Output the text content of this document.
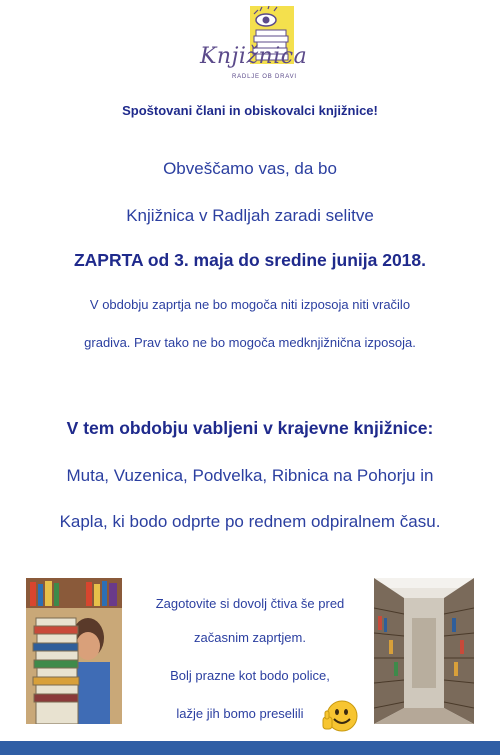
Knjižnica
RADLJE OB DRAVI
Spoštovani člani in obiskovalci knjižnice!
Obveščamo vas, da bo
Knjižnica v Radljah zaradi selitve
ZAPRTA od 3. maja do sredine junija 2018.
V obdobju zaprtja ne bo mogoča niti izposoja niti vračilo
gradiva. Prav tako ne bo mogoča medknjižnična izposoja.
V tem obdobju vabljeni v krajevne knjižnice:
Muta, Vuzenica, Podvelka, Ribnica na Pohorju in
Kapla, ki bodo odprte po rednem odpiralnem času.
Zagotovite si dovolj čtiva še pred
začasnim zaprtjem.
Bolj prazne kot bodo police,
lažje jih bomo preselili
